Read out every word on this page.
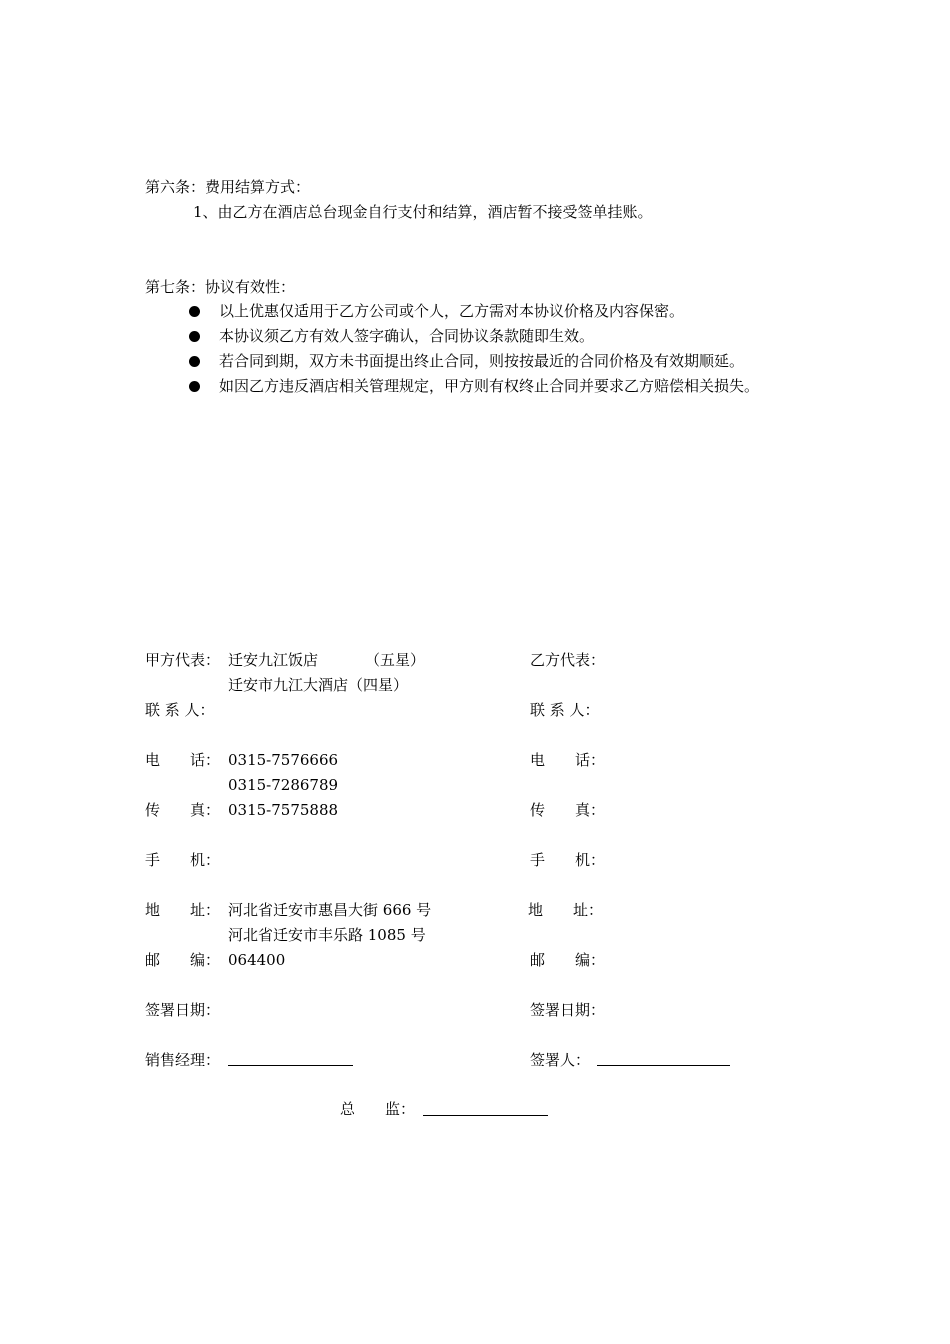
第六条：费用结算方式：
1、由乙方在酒店总台现金自行支付和结算，酒店暂不接受签单挂账。
第七条：协议有效性：
以上优惠仅适用于乙方公司或个人，乙方需对本协议价格及内容保密。
本协议须乙方有效人签字确认，合同协议条款随即生效。
若合同到期，双方未书面提出终止合同，则按按最近的合同价格及有效期顺延。
如因乙方违反酒店相关管理规定，甲方则有权终止合同并要求乙方赔偿相关损失。
甲方代表： 迁安九江饭店	（五星）
迁安市九江大酒店（四星）
联 系 人：
电　　话： 0315-7576666
0315-7286789
传　　真： 0315-7575888
手　　机：
地　　址： 河北省迁安市惠昌大街 666 号
河北省迁安市丰乐路 1085 号
邮　　编： 064400
签署日期：
销售经理：
乙方代表：
联 系 人：
电　　话：
传　　真：
手　　机：
地　　址：
邮　　编：
签署日期：
签署人：
总　　监：
